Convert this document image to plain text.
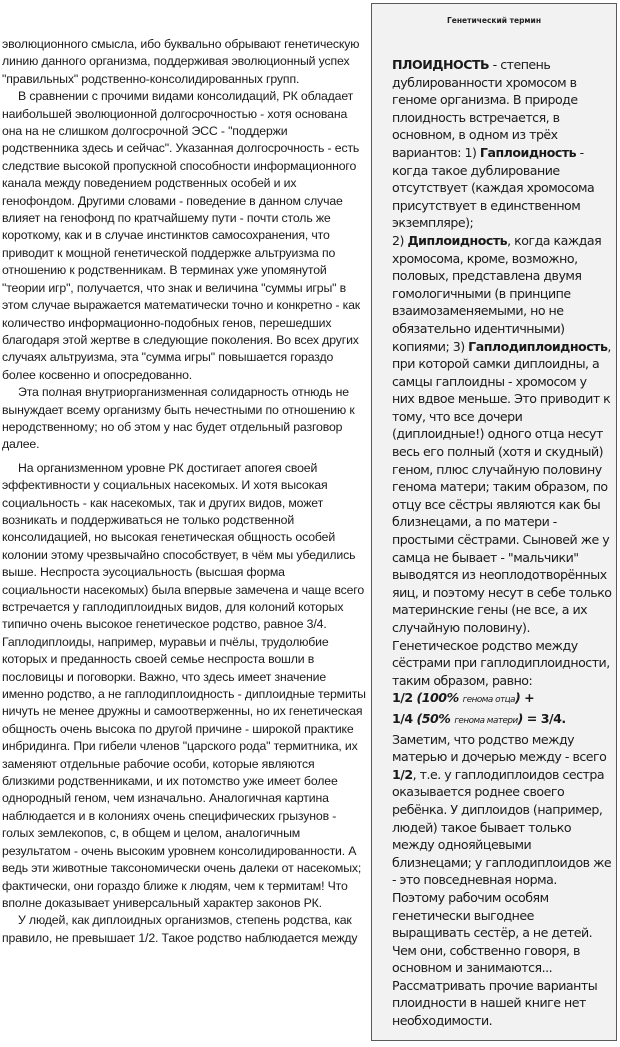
эволюционного смысла, ибо буквально обрывают генетическую линию данного организма, поддерживая эволюционный успех "правильных" родственно-консолидированных групп.

В сравнении с прочими видами консолидаций, РК обладает наибольшей эволюционной долгосрочностью - хотя основана она на не слишком долгосрочной ЭСС - "поддержи родственника здесь и сейчас". Указанная долгосрочность - есть следствие высокой пропускной способности информационного канала между поведением родственных особей и их генофондом. Другими словами - поведение в данном случае влияет на генофонд по кратчайшему пути - почти столь же короткому, как и в случае инстинктов самосохранения, что приводит к мощной генетической поддержке альтруизма по отношению к родственникам. В терминах уже упомянутой "теории игр", получается, что знак и величина "суммы игры" в этом случае выражается математически точно и конкретно - как количество информационно-подобных генов, перешедших благодаря этой жертве в следующие поколения. Во всех других случаях альтруизма, эта "сумма игры" повышается гораздо более косвенно и опосредованно.

Эта полная внутриорганизменная солидарность отнюдь не вынуждает всему организму быть нечестными по отношению к неродственному; но об этом у нас будет отдельный разговор далее.

На организменном уровне РК достигает апогея своей эффективности у социальных насекомых. И хотя высокая социальность - как насекомых, так и других видов, может возникать и поддерживаться не только родственной консолидацией, но высокая генетическая общность особей колонии этому чрезвычайно способствует, в чём мы убедились выше. Неспроста эусоциальность (высшая форма социальности насекомых) была впервые замечена и чаще всего встречается у гаплодиплоидных видов, для колоний которых типично очень высокое генетическое родство, равное 3/4. Гаплодиплоиды, например, муравьи и пчёлы, трудолюбие которых и преданность своей семье неспроста вошли в пословицы и поговорки. Важно, что здесь имеет значение именно родство, а не гаплодиплоидность - диплоидные термиты ничуть не менее дружны и самоотверженны, но их генетическая общность очень высока по другой причине - широкой практике инбридинга. При гибели членов "царского рода" термитника, их заменяют отдельные рабочие особи, которые являются близкими родственниками, и их потомство уже имеет более однородный геном, чем изначально. Аналогичная картина наблюдается и в колониях очень специфических грызунов - голых землекопов, с, в общем и целом, аналогичным результатом - очень высоким уровнем консолидированности. А ведь эти животные таксономически очень далеки от насекомых; фактически, они гораздо ближе к людям, чем к термитам! Что вполне доказывает универсальный характер законов РК.

У людей, как диплоидных организмов, степень родства, как правило, не превышает 1/2. Такое родство наблюдается между

Генетический термин

ПЛОИДНОСТЬ - степень дублированности хромосом в геноме организма. В природе плоидность встречается, в основном, в одном из трёх вариантов: 1) Гаплоидность - когда такое дублирование отсутствует (каждая хромосома присутствует в единственном экземпляре);
2) Диплоидность, когда каждая хромосома, кроме, возможно, половых, представлена двумя гомологичными (в принципе взаимозаменяемыми, но не обязательно идентичными) копиями; 3) Гаплодиплоидность, при которой самки диплоидны, а самцы гаплоидны - хромосом у них вдвое меньше. Это приводит к тому, что все дочери (диплоидные!) одного отца несут весь его полный (хотя и скудный) геном, плюс случайную половину генома матери; таким образом, по отцу все сёстры являются как бы близнецами, а по матери - простыми сёстрами. Сыновей же у самца не бывает - "мальчики" выводятся из неоплодотворённых яиц, и поэтому несут в себе только материнские гены (не все, а их случайную половину).

Генетическое родство между сёстрами при гаплодиплоидности, таким образом, равно:

1/2 (100% генома отца) +

1/4 (50% генома матери) = 3/4.

Заметим, что родство между матерью и дочерью между - всего 1/2, т.е. у гаплодиплоидов сестра оказывается роднее своего ребёнка. У диплоидов (например, людей) такое бывает только между однояйцевыми близнецами; у гаплодиплоидов же - это повседневная норма. Поэтому рабочим особям генетически выгоднее выращивать сестёр, а не детей. Чем они, собственно говоря, в основном и занимаются...

Рассматривать прочие варианты плоидности в нашей книге нет необходимости.
